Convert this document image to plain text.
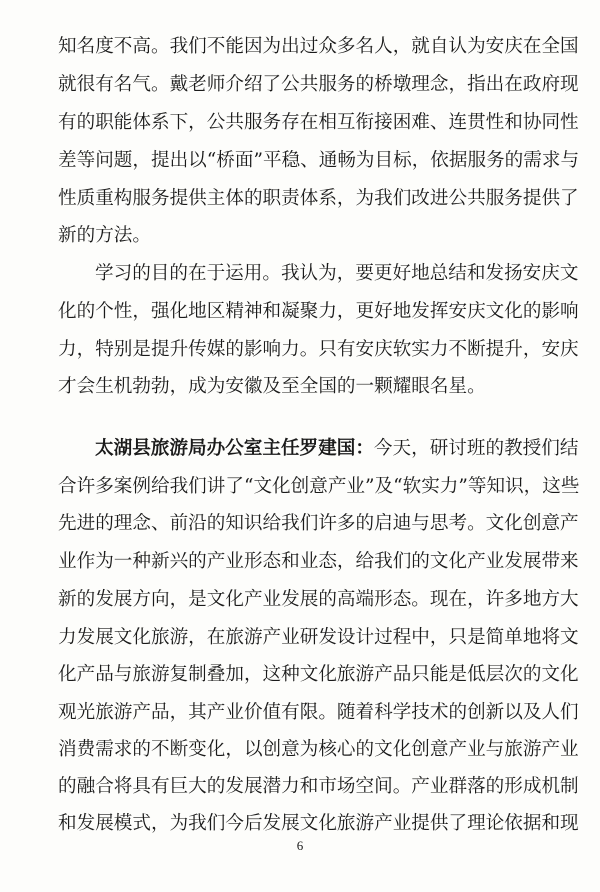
知名度不高。我们不能因为出过众多名人，就自认为安庆在全国
就很有名气。戴老师介绍了公共服务的桥墩理念，指出在政府现
有的职能体系下，公共服务存在相互衔接困难、连贯性和协同性
差等问题，提出以“桥面”平稳、通畅为目标，依据服务的需求与
性质重构服务提供主体的职责体系，为我们改进公共服务提供了
新的方法。
学习的目的在于运用。我认为，要更好地总结和发扬安庆文
化的个性，强化地区精神和凝聚力，更好地发挥安庆文化的影响
力，特别是提升传媒的影响力。只有安庆软实力不断提升，安庆
才会生机勃勃，成为安徽及至全国的一颗耀眼名星。
太湖县旅游局办公室主任罗建国：今天，研讨班的教授们结
合许多案例给我们讲了“文化创意产业”及“软实力”等知识，这些
先进的理念、前沿的知识给我们许多的启迪与思考。文化创意产
业作为一种新兴的产业形态和业态，给我们的文化产业发展带来
新的发展方向，是文化产业发展的高端形态。现在，许多地方大
力发展文化旅游，在旅游产业研发设计过程中，只是简单地将文
化产品与旅游复制叠加，这种文化旅游产品只能是低层次的文化
观光旅游产品，其产业价值有限。随着科学技术的创新以及人们
消费需求的不断变化，以创意为核心的文化创意产业与旅游产业
的融合将具有巨大的发展潜力和市场空间。产业群落的形成机制
和发展模式，为我们今后发展文化旅游产业提供了理论依据和现
6
